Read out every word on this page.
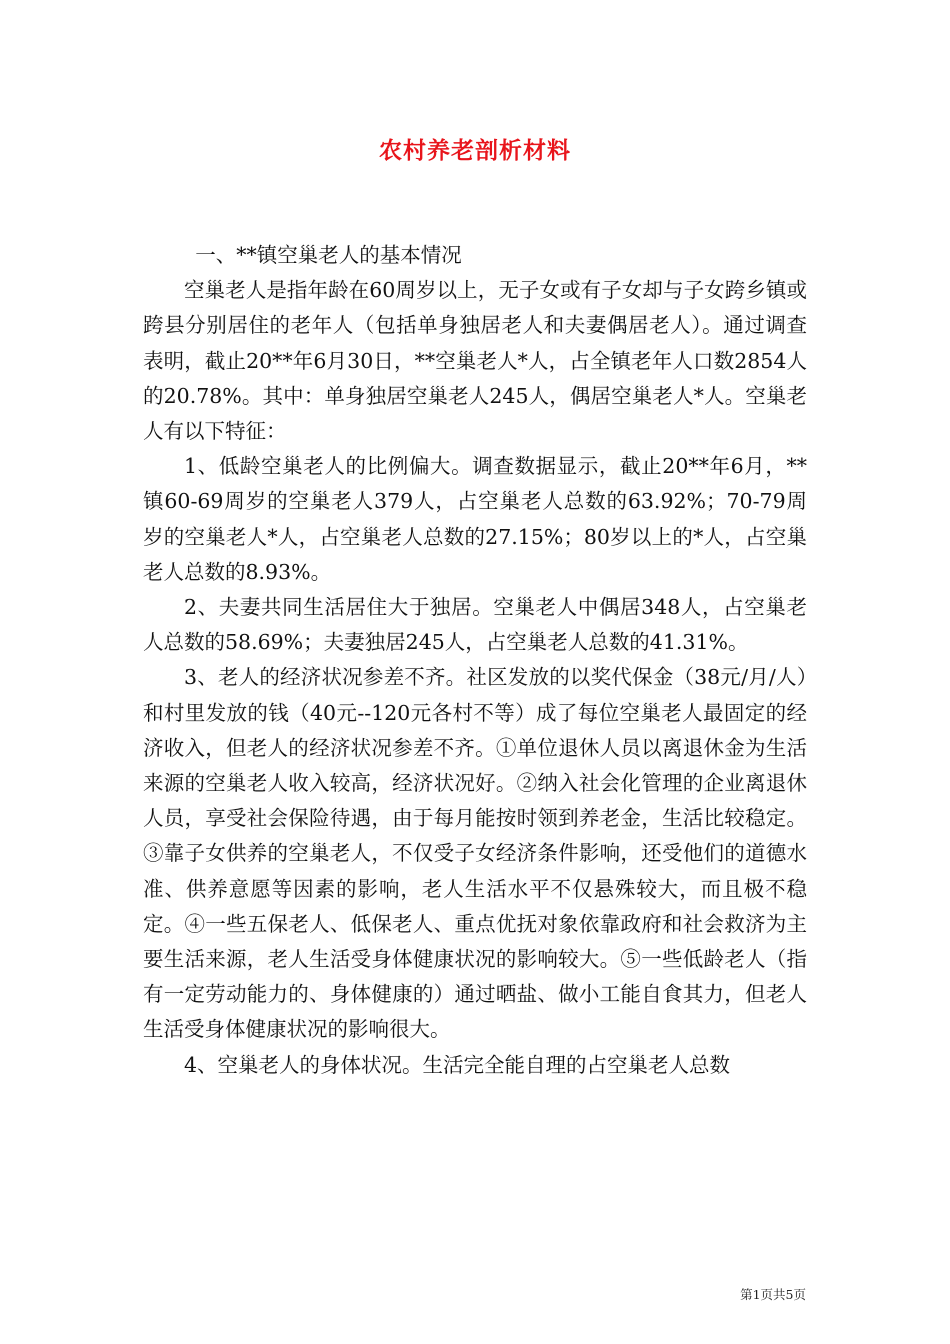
农村养老剖析材料

一、**镇空巢老人的基本情况

空巢老人是指年龄在60周岁以上，无子女或有子女却与子女跨乡镇或跨县分别居住的老年人（包括单身独居老人和夫妻偶居老人）。通过调查表明，截止20**年6月30日，**空巢老人*人，占全镇老年人口数2854人的20.78%。其中：单身独居空巢老人245人，偶居空巢老人*人。空巢老人有以下特征：

1、低龄空巢老人的比例偏大。调查数据显示，截止20**年6月，**镇60-69周岁的空巢老人379人，占空巢老人总数的63.92%；70-79周岁的空巢老人*人，占空巢老人总数的27.15%；80岁以上的*人，占空巢老人总数的8.93%。

2、夫妻共同生活居住大于独居。空巢老人中偶居348人，占空巢老人总数的58.69%；夫妻独居245人，占空巢老人总数的41.31%。

3、老人的经济状况参差不齐。社区发放的以奖代保金（38元/月/人）和村里发放的钱（40元--120元各村不等）成了每位空巢老人最固定的经济收入，但老人的经济状况参差不齐。①单位退休人员以离退休金为生活来源的空巢老人收入较高，经济状况好。②纳入社会化管理的企业离退休人员，享受社会保险待遇，由于每月能按时领到养老金，生活比较稳定。③靠子女供养的空巢老人，不仅受子女经济条件影响，还受他们的道德水准、供养意愿等因素的影响，老人生活水平不仅悬殊较大，而且极不稳定。④一些五保老人、低保老人、重点优抚对象依靠政府和社会救济为主要生活来源，老人生活受身体健康状况的影响较大。⑤一些低龄老人（指有一定劳动能力的、身体健康的）通过晒盐、做小工能自食其力，但老人生活受身体健康状况的影响很大。

4、空巢老人的身体状况。生活完全能自理的占空巢老人总数

第1页共5页
